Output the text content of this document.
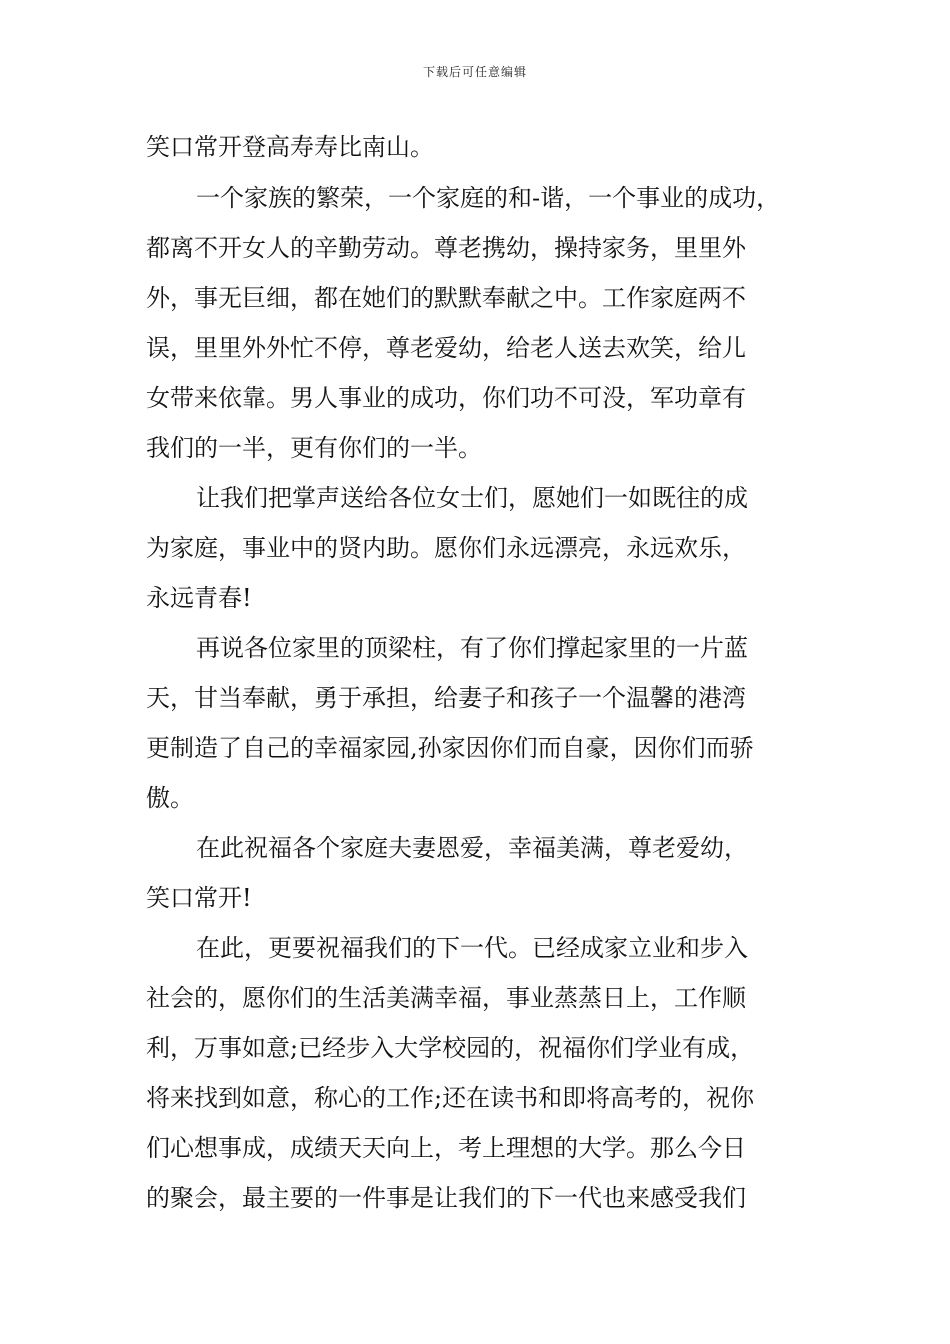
下载后可任意编辑
笑口常开登高寿寿比南山。
一个家族的繁荣，一个家庭的和-谐，一个事业的成功，
都离不开女人的辛勤劳动。尊老携幼，操持家务，里里外
外，事无巨细，都在她们的默默奉献之中。工作家庭两不
误，里里外外忙不停，尊老爱幼，给老人送去欢笑，给儿
女带来依靠。男人事业的成功，你们功不可没，军功章有
我们的一半，更有你们的一半。
让我们把掌声送给各位女士们，愿她们一如既往的成
为家庭，事业中的贤内助。愿你们永远漂亮，永远欢乐，
永远青春!
再说各位家里的顶梁柱，有了你们撑起家里的一片蓝
天，甘当奉献，勇于承担，给妻子和孩子一个温馨的港湾
更制造了自己的幸福家园,孙家因你们而自豪，因你们而骄
傲。
在此祝福各个家庭夫妻恩爱，幸福美满，尊老爱幼，
笑口常开!
在此，更要祝福我们的下一代。已经成家立业和步入
社会的，愿你们的生活美满幸福，事业蒸蒸日上，工作顺
利，万事如意;已经步入大学校园的，祝福你们学业有成，
将来找到如意，称心的工作;还在读书和即将高考的，祝你
们心想事成，成绩天天向上，考上理想的大学。那么今日
的聚会，最主要的一件事是让我们的下一代也来感受我们
